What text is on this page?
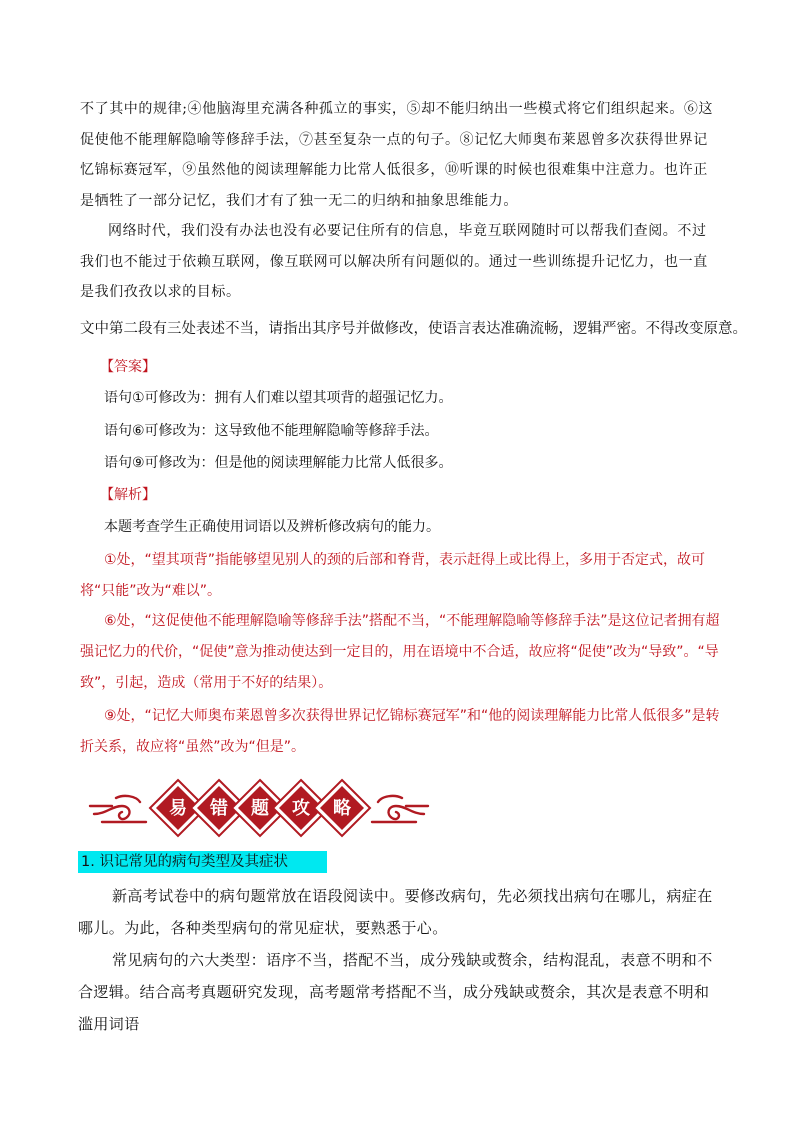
不了其中的规律;④他脑海里充满各种孤立的事实，⑤却不能归纳出一些模式将它们组织起来。⑥这促使他不能理解隐喻等修辞手法，⑦甚至复杂一点的句子。⑧记忆大师奥布莱恩曾多次获得世界记忆锦标赛冠军，⑨虽然他的阅读理解能力比常人低很多，⑩听课的时候也很难集中注意力。也许正是牺牲了一部分记忆，我们才有了独一无二的归纳和抽象思维能力。

网络时代，我们没有办法也没有必要记住所有的信息，毕竟互联网随时可以帮我们查阅。不过我们也不能过于依赖互联网，像互联网可以解决所有问题似的。通过一些训练提升记忆力，也一直是我们孜孜以求的目标。

文中第二段有三处表述不当，请指出其序号并做修改，使语言表达准确流畅，逻辑严密。不得改变原意。
【答案】
语句①可修改为：拥有人们难以望其项背的超强记忆力。
语句⑥可修改为：这导致他不能理解隐喻等修辞手法。
语句⑨可修改为：但是他的阅读理解能力比常人低很多。
【解析】
本题考查学生正确使用词语以及辨析修改病句的能力。

①处，“望其项背”指能够望见别人的颈的后部和脊背，表示赶得上或比得上，多用于否定式，故可将“只能”改为“难以”。

⑥处，“这促使他不能理解隐喻等修辞手法”搭配不当，“不能理解隐喻等修辞手法”是这位记者拥有超强记忆力的代价，“促使”意为推动使达到一定目的，用在语境中不合适，故应将“促使”改为“导致”。“导致”，引起，造成（常用于不好的结果）。

⑨处，“记忆大师奥布莱恩曾多次获得世界记忆锦标赛冠军”和“他的阅读理解能力比常人低很多”是转折关系，故应将“虽然”改为“但是”。

易 错 题 攻 略
1. 识记常见的病句类型及其症状

新高考试卷中的病句题常放在语段阅读中。要修改病句，先必须找出病句在哪儿，病症在哪儿。为此，各种类型病句的常见症状，要熟悉于心。

常见病句的六大类型：语序不当，搭配不当，成分残缺或赘余，结构混乱，表意不明和不合逻辑。结合高考真题研究发现，高考题常考搭配不当，成分残缺或赘余，其次是表意不明和滥用词语
